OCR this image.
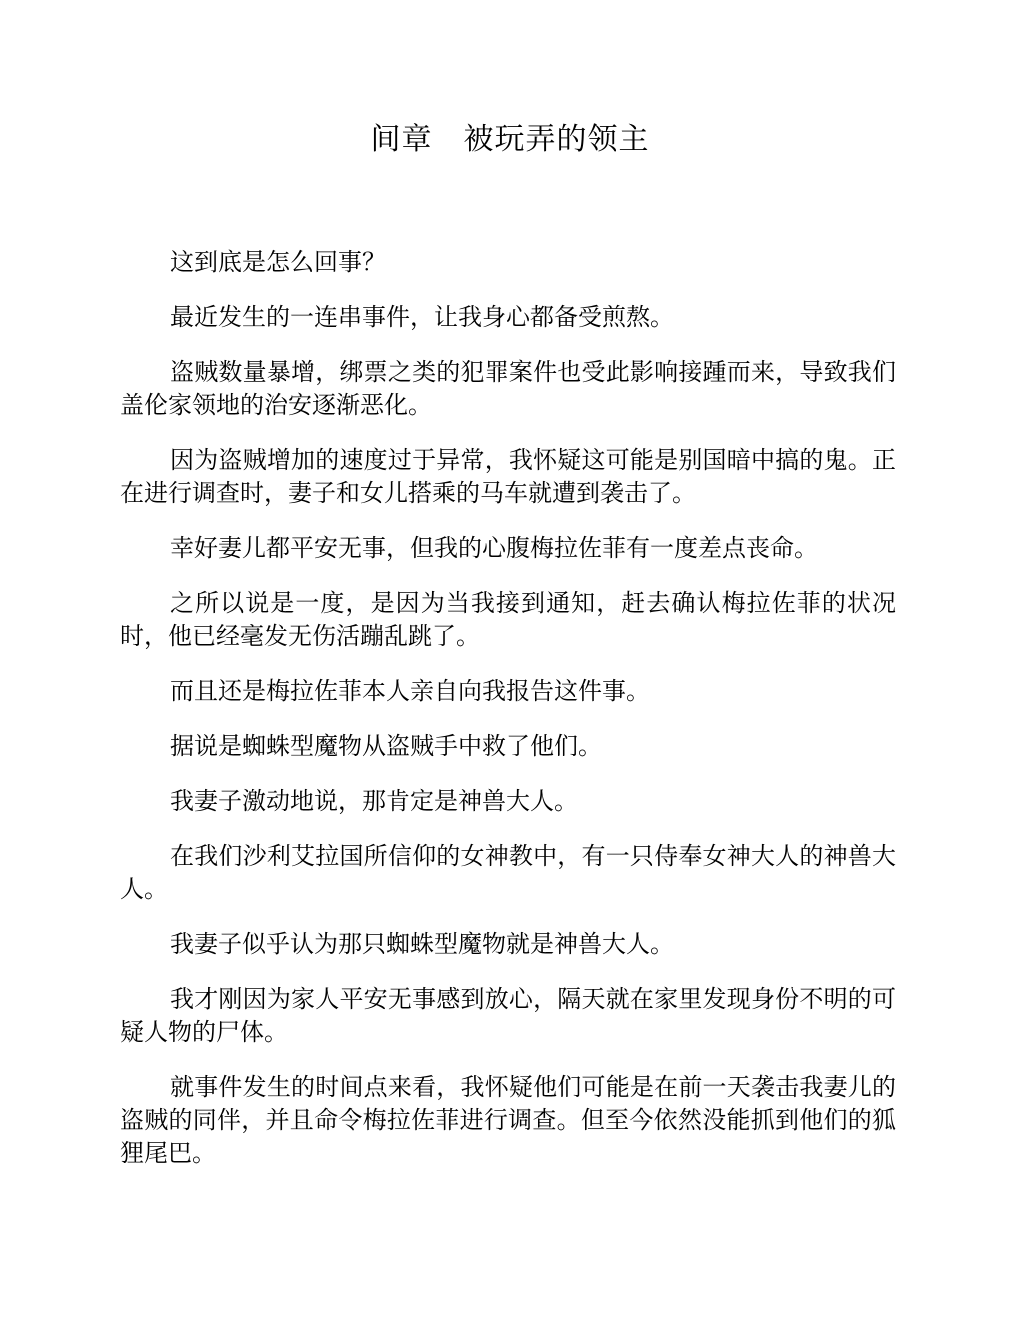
间章　被玩弄的领主

这到底是怎么回事？

最近发生的一连串事件，让我身心都备受煎熬。

盗贼数量暴增，绑票之类的犯罪案件也受此影响接踵而来，导致我们盖伦家领地的治安逐渐恶化。

因为盗贼增加的速度过于异常，我怀疑这可能是别国暗中搞的鬼。正在进行调查时，妻子和女儿搭乘的马车就遭到袭击了。

幸好妻儿都平安无事，但我的心腹梅拉佐菲有一度差点丧命。

之所以说是一度，是因为当我接到通知，赶去确认梅拉佐菲的状况时，他已经毫发无伤活蹦乱跳了。

而且还是梅拉佐菲本人亲自向我报告这件事。

据说是蜘蛛型魔物从盗贼手中救了他们。

我妻子激动地说，那肯定是神兽大人。

在我们沙利艾拉国所信仰的女神教中，有一只侍奉女神大人的神兽大人。

我妻子似乎认为那只蜘蛛型魔物就是神兽大人。

我才刚因为家人平安无事感到放心，隔天就在家里发现身份不明的可疑人物的尸体。

就事件发生的时间点来看，我怀疑他们可能是在前一天袭击我妻儿的盗贼的同伴，并且命令梅拉佐菲进行调查。但至今依然没能抓到他们的狐狸尾巴。
